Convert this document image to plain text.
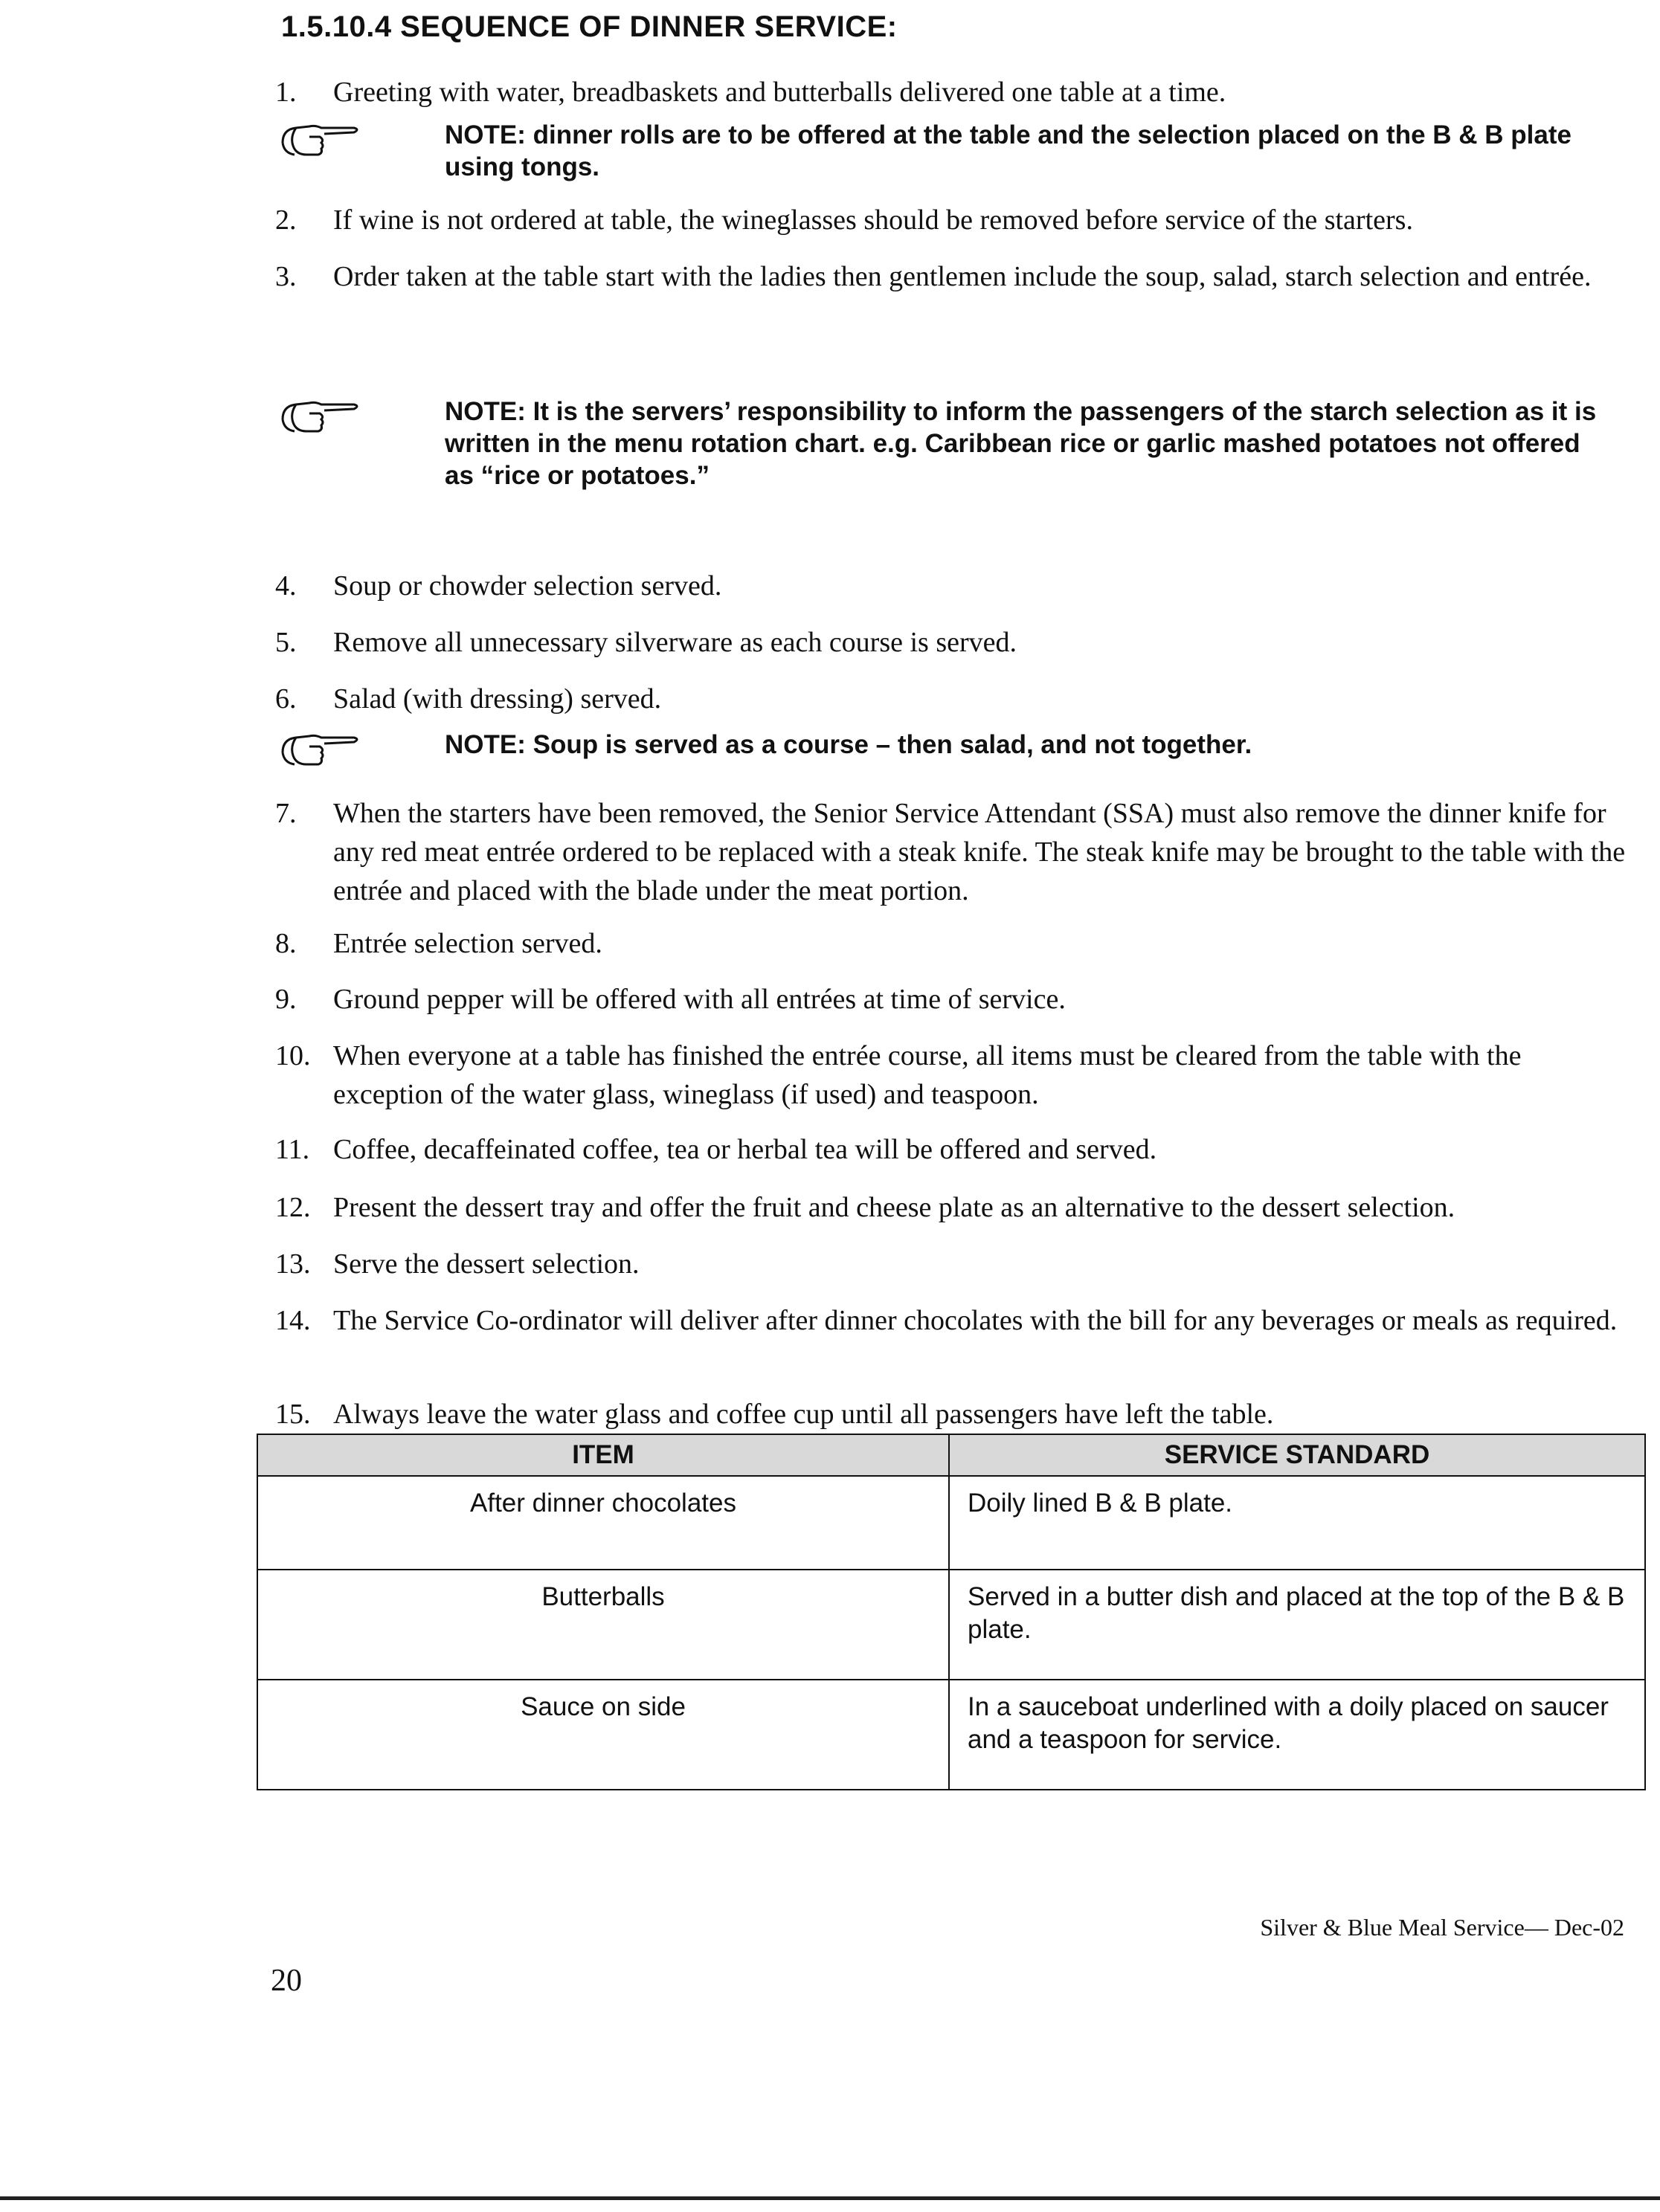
1.5.10.4 SEQUENCE OF DINNER SERVICE:
1.	Greeting with water, breadbaskets and butterballs delivered one table at a time.
NOTE: dinner rolls are to be offered at the table and the selection placed on the B & B plate using tongs.
2.	If wine is not ordered at table, the wineglasses should be removed before service of the starters.
3.	Order taken at the table start with the ladies then gentlemen include the soup, salad, starch selection and entrée.
NOTE: It is the servers’ responsibility to inform the passengers of the starch selection as it is written in the menu rotation chart. e.g. Caribbean rice or garlic mashed potatoes not offered as “rice or potatoes.”
4.	Soup or chowder selection served.
5.	Remove all unnecessary silverware as each course is served.
6.	Salad (with dressing) served.
NOTE: Soup is served as a course – then salad, and not together.
7.	When the starters have been removed, the Senior Service Attendant (SSA) must also remove the dinner knife for any red meat entrée ordered to be replaced with a steak knife. The steak knife may be brought to the table with the entrée and placed with the blade under the meat portion.
8.	Entrée selection served.
9.	Ground pepper will be offered with all entrées at time of service.
10. When everyone at a table has finished the entrée course, all items must be cleared from the table with the exception of the water glass, wineglass (if used) and teaspoon.
11. Coffee, decaffeinated coffee, tea or herbal tea will be offered and served.
12. Present the dessert tray and offer the fruit and cheese plate as an alternative to the dessert selection.
13. Serve the dessert selection.
14. The Service Co-ordinator will deliver after dinner chocolates with the bill for any beverages or meals as required.
15. Always leave the water glass and coffee cup until all passengers have left the table.
ITEM	SERVICE STANDARD
After dinner chocolates	Doily lined B & B plate.
Butterballs	Served in a butter dish and placed at the top of the B & B plate.
Sauce on side	In a sauceboat underlined with a doily placed on saucer and a teaspoon for service.
Silver & Blue Meal Service— Dec-02
20
